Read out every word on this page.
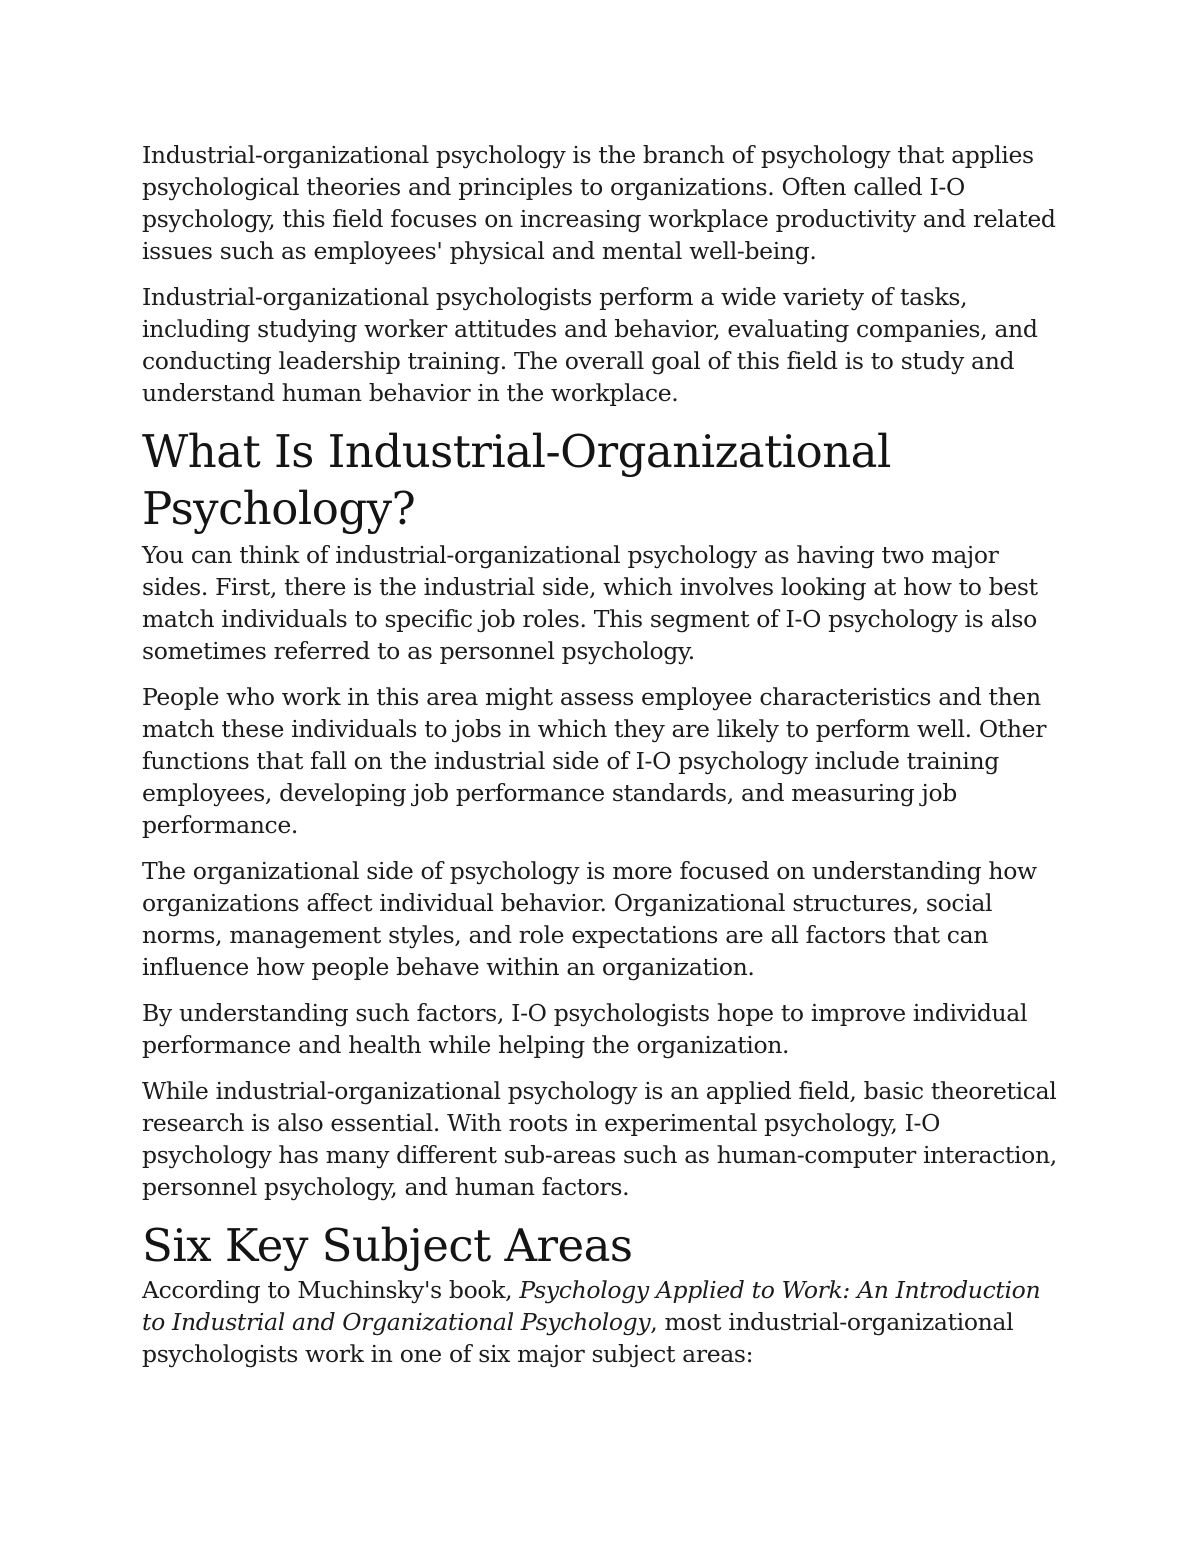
Industrial-organizational psychology is the branch of psychology that applies psychological theories and principles to organizations. Often called I-O psychology, this field focuses on increasing workplace productivity and related issues such as employees' physical and mental well-being.

Industrial-organizational psychologists perform a wide variety of tasks, including studying worker attitudes and behavior, evaluating companies, and conducting leadership training. The overall goal of this field is to study and understand human behavior in the workplace.

What Is Industrial-Organizational Psychology?

You can think of industrial-organizational psychology as having two major sides. First, there is the industrial side, which involves looking at how to best match individuals to specific job roles. This segment of I-O psychology is also sometimes referred to as personnel psychology.

People who work in this area might assess employee characteristics and then match these individuals to jobs in which they are likely to perform well. Other functions that fall on the industrial side of I-O psychology include training employees, developing job performance standards, and measuring job performance.

The organizational side of psychology is more focused on understanding how organizations affect individual behavior. Organizational structures, social norms, management styles, and role expectations are all factors that can influence how people behave within an organization.

By understanding such factors, I-O psychologists hope to improve individual performance and health while helping the organization.

While industrial-organizational psychology is an applied field, basic theoretical research is also essential. With roots in experimental psychology, I-O psychology has many different sub-areas such as human-computer interaction, personnel psychology, and human factors.

Six Key Subject Areas

According to Muchinsky's book, Psychology Applied to Work: An Introduction to Industrial and Organizational Psychology, most industrial-organizational psychologists work in one of six major subject areas:
